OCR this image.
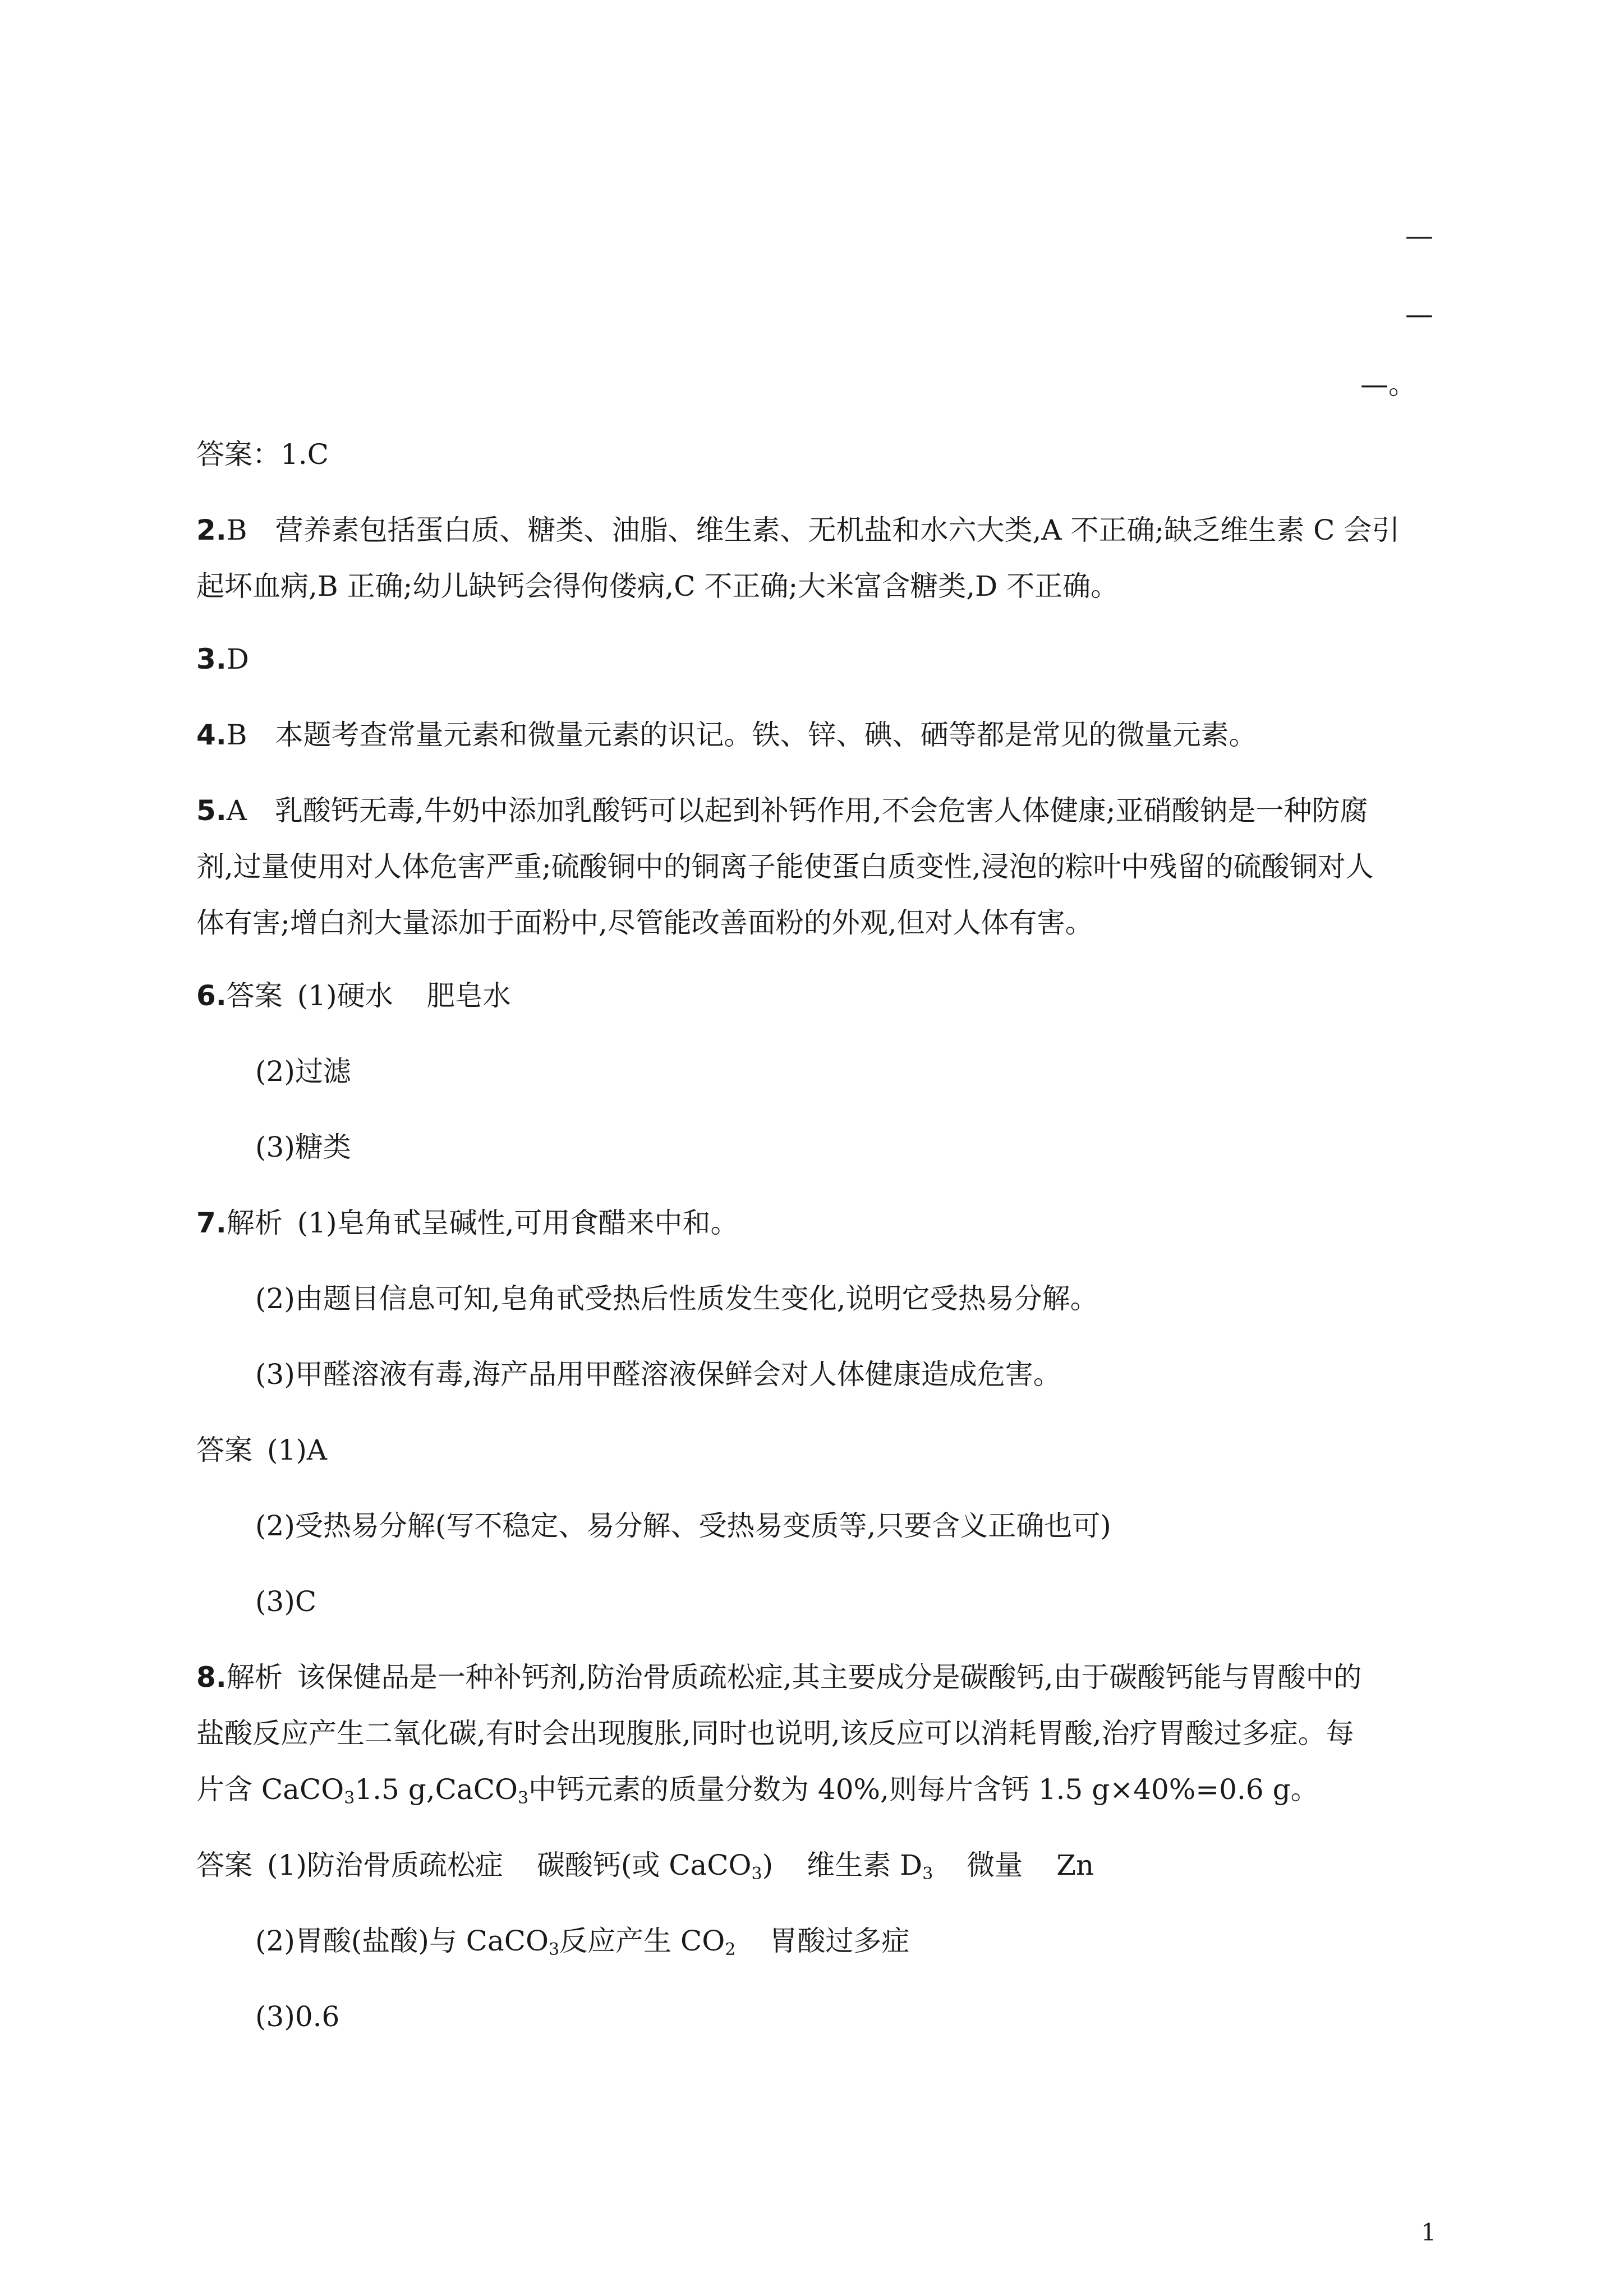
—
—
—。
答案：1.C
2.B　营养素包括蛋白质、糖类、油脂、维生素、无机盐和水六大类,A 不正确;缺乏维生素 C 会引
起坏血病,B 正确;幼儿缺钙会得佝偻病,C 不正确;大米富含糖类,D 不正确。
3.D
4.B　本题考查常量元素和微量元素的识记。铁、锌、碘、硒等都是常见的微量元素。
5.A　乳酸钙无毒,牛奶中添加乳酸钙可以起到补钙作用,不会危害人体健康;亚硝酸钠是一种防腐
剂,过量使用对人体危害严重;硫酸铜中的铜离子能使蛋白质变性,浸泡的粽叶中残留的硫酸铜对人
体有害;增白剂大量添加于面粉中,尽管能改善面粉的外观,但对人体有害。
6.答案 (1)硬水 肥皂水
(2)过滤
(3)糖类
7.解析 (1)皂角甙呈碱性,可用食醋来中和。
(2)由题目信息可知,皂角甙受热后性质发生变化,说明它受热易分解。
(3)甲醛溶液有毒,海产品用甲醛溶液保鲜会对人体健康造成危害。
答案 (1)A
(2)受热易分解(写不稳定、易分解、受热易变质等,只要含义正确也可)
(3)C
8.解析 该保健品是一种补钙剂,防治骨质疏松症,其主要成分是碳酸钙,由于碳酸钙能与胃酸中的
盐酸反应产生二氧化碳,有时会出现腹胀,同时也说明,该反应可以消耗胃酸,治疗胃酸过多症。每
片含 CaCO$_3$1.5 g,CaCO$_3$中钙元素的质量分数为 40%,则每片含钙 1.5 g×40%=0.6 g。
答案 (1)防治骨质疏松症 碳酸钙(或 CaCO$_3$) 维生素 $D_3$ 微量 Zn
(2)胃酸(盐酸)与 CaCO$_3$反应产生 $CO_2$ 胃酸过多症
(3)0.6
1
